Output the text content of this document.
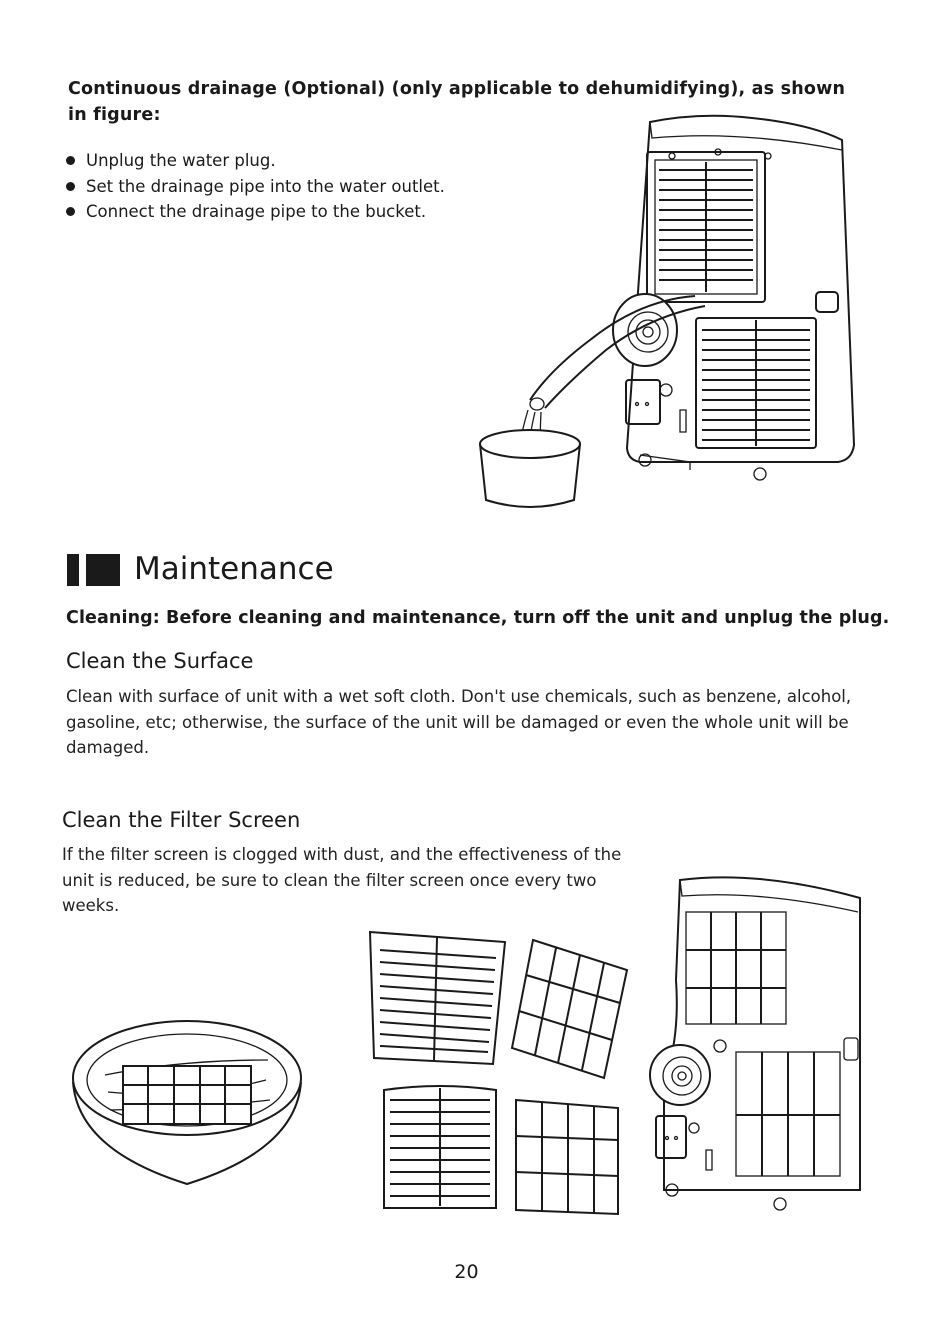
Continuous drainage (Optional) (only applicable to dehumidifying), as shown in figure:
Unplug the water plug.
Set the drainage pipe into the water outlet.
Connect the drainage pipe to the bucket.
Maintenance
Cleaning: Before cleaning and maintenance, turn off the unit and unplug the plug.
Clean the Surface
Clean with surface of unit with a wet soft cloth. Don't use chemicals, such as benzene, alcohol, gasoline, etc; otherwise, the surface of the unit will be damaged or even the whole unit will be damaged.
Clean the Filter Screen
If the filter screen is clogged with dust, and the effectiveness of the unit is reduced, be sure to clean the filter screen once every two weeks.
20
